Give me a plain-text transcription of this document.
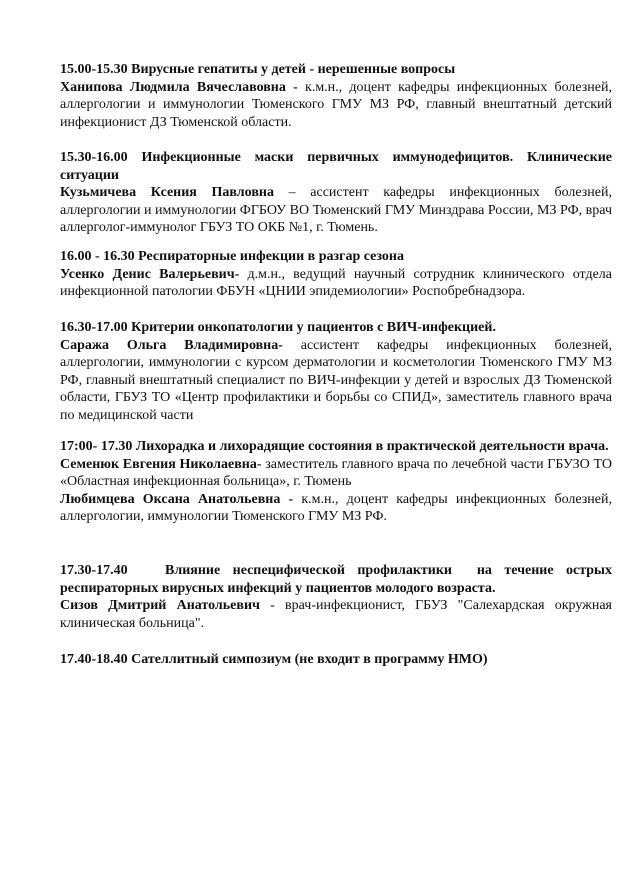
15.00-15.30 Вирусные гепатиты у детей - нерешенные вопросы
Ханипова Людмила Вячеславовна - к.м.н., доцент кафедры инфекционных болезней, аллергологии и иммунологии Тюменского ГМУ МЗ РФ, главный внештатный детский инфекционист ДЗ Тюменской области.
15.30-16.00 Инфекционные маски первичных иммунодефицитов. Клинические ситуации
Кузьмичева Ксения Павловна – ассистент кафедры инфекционных болезней, аллергологии и иммунологии ФГБОУ ВО Тюменский ГМУ Минздрава России, МЗ РФ, врач аллерголог-иммунолог ГБУЗ ТО ОКБ №1, г. Тюмень.
16.00 - 16.30 Респираторные инфекции в разгар сезона
Усенко Денис Валерьевич- д.м.н., ведущий научный сотрудник клинического отдела инфекционной патологии ФБУН «ЦНИИ эпидемиологии» Роспобребнадзора.
16.30-17.00 Критерии онкопатологии у пациентов с ВИЧ-инфекцией.
Саража Ольга Владимировна- ассистент кафедры инфекционных болезней, аллергологии, иммунологии с курсом дерматологии и косметологии Тюменского ГМУ МЗ РФ, главный внештатный специалист по ВИЧ-инфекции у детей и взрослых ДЗ Тюменской области, ГБУЗ ТО «Центр профилактики и борьбы со СПИД», заместитель главного врача по медицинской части
17:00- 17.30 Лихорадка и лихорадящие состояния в практической деятельности врача.
Семенюк Евгения Николаевна- заместитель главного врача по лечебной части ГБУЗО ТО «Областная инфекционная больница», г. Тюмень
Любимцева Оксана Анатольевна - к.м.н., доцент кафедры инфекционных болезней, аллергологии, иммунологии Тюменского ГМУ МЗ РФ.
17.30-17.40   Влияние неспецифической профилактики  на течение острых респираторных вирусных инфекций у пациентов молодого возраста.
Сизов Дмитрий Анатольевич - врач-инфекционист, ГБУЗ "Салехардская окружная клиническая больница".
17.40-18.40 Сателлитный симпозиум (не входит в программу НМО)
